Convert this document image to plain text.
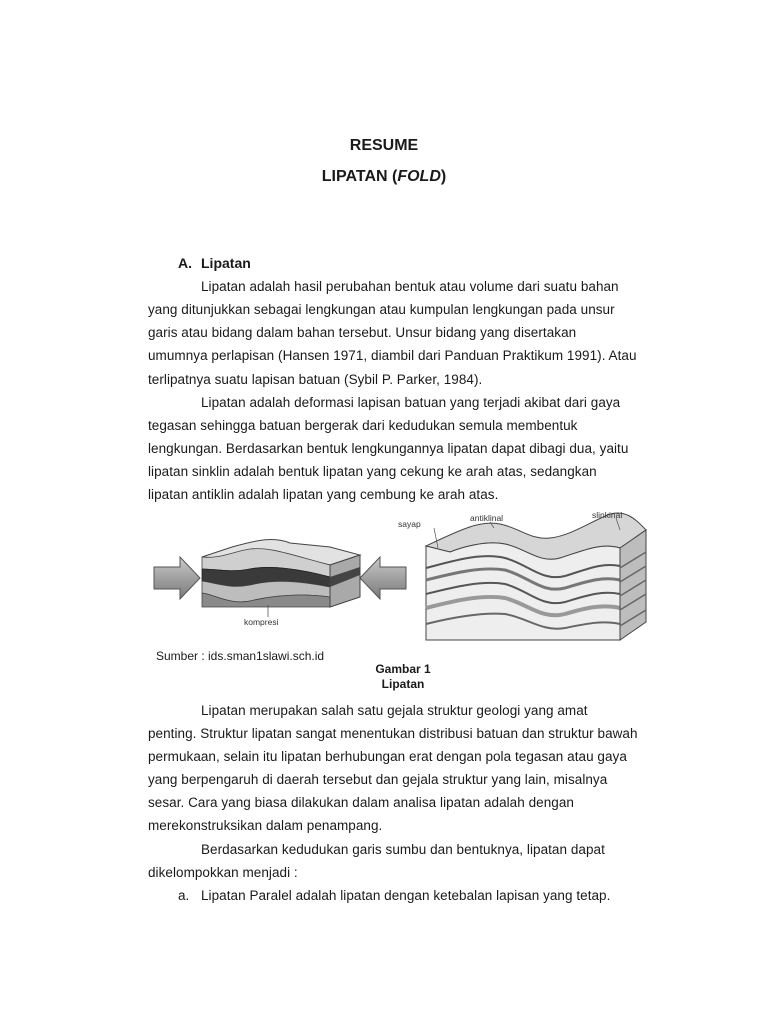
RESUME
LIPATAN (FOLD)
A. Lipatan
Lipatan adalah hasil perubahan bentuk atau volume dari suatu bahan
yang ditunjukkan sebagai lengkungan atau kumpulan lengkungan pada unsur
garis atau bidang dalam bahan tersebut. Unsur bidang yang disertakan
umumnya perlapisan (Hansen 1971, diambil dari Panduan Praktikum 1991). Atau
terlipatnya suatu lapisan batuan (Sybil P. Parker, 1984).
Lipatan adalah deformasi lapisan batuan yang terjadi akibat dari gaya
tegasan sehingga batuan bergerak dari kedudukan semula membentuk
lengkungan. Berdasarkan bentuk lengkungannya lipatan dapat dibagi dua, yaitu
lipatan sinklin adalah bentuk lipatan yang cekung ke arah atas, sedangkan
lipatan antiklin adalah lipatan yang cembung ke arah atas.
kompresi
sayap
antiklinal	slinkinal
Sumber : ids.sman1slawi.sch.id
Gambar 1
Lipatan
Lipatan merupakan salah satu gejala struktur geologi yang amat
penting. Struktur lipatan sangat menentukan distribusi batuan dan struktur bawah
permukaan, selain itu lipatan berhubungan erat dengan pola tegasan atau gaya
yang berpengaruh di daerah tersebut dan gejala struktur yang lain, misalnya
sesar. Cara yang biasa dilakukan dalam analisa lipatan adalah dengan
merekonstruksikan dalam penampang.
Berdasarkan kedudukan garis sumbu dan bentuknya, lipatan dapat
dikelompokkan menjadi :
a. Lipatan Paralel adalah lipatan dengan ketebalan lapisan yang tetap.
